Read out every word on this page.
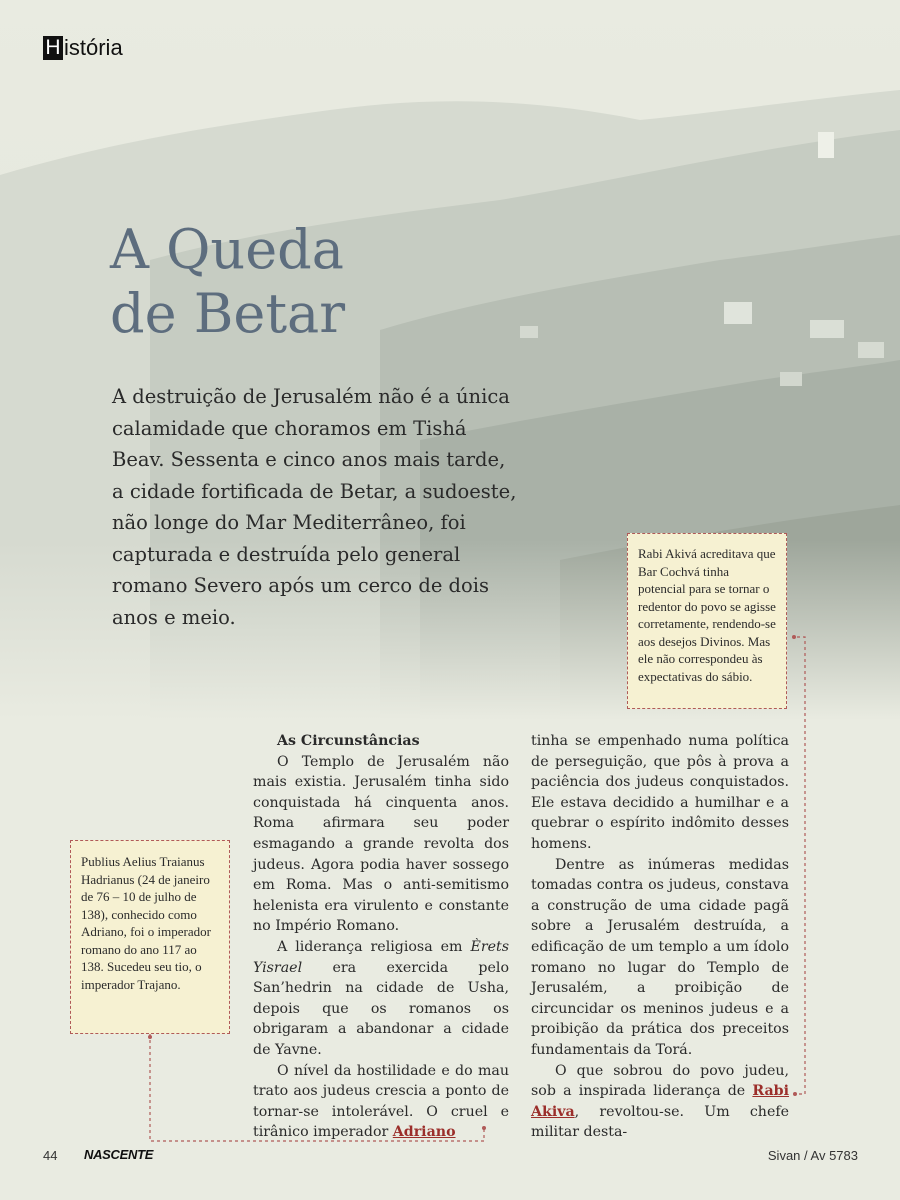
H istória
A Queda
de Betar

A destruição de Jerusalém não é a única calamidade que choramos em Tishá Beav. Sessenta e cinco anos mais tarde, a cidade fortificada de Betar, a sudoeste, não longe do Mar Mediterrâneo, foi capturada e destruída pelo general romano Severo após um cerco de dois anos e meio.

Rabi Akivá acreditava que Bar Cochvá tinha potencial para se tornar o redentor do povo se agisse corretamente, rendendo-se aos desejos Divinos. Mas ele não correspondeu às expectativas do sábio.
Publius Aelius Traianus Hadrianus (24 de janeiro de 76 – 10 de julho de 138), conhecido como Adriano, foi o imperador romano do ano 117 ao 138. Sucedeu seu tio, o imperador Trajano.

As Circunstâncias

O Templo de Jerusalém não mais existia. Jerusalém tinha sido conquistada há cinquenta anos. Roma afirmara seu poder esmagando a grande revolta dos judeus. Agora podia haver sossego em Roma. Mas o anti-semitismo helenista era virulento e constante no Império Romano.

A liderança religiosa em Èrets Yisrael era exercida pelo San’hedrin na cidade de Usha, depois que os romanos os obrigaram a abandonar a cidade de Yavne.

O nível da hostilidade e do mau trato aos judeus crescia a ponto de tornar-se intolerável. O cruel e tirânico imperador Adriano

tinha se empenhado numa política de perseguição, que pôs à prova a paciência dos judeus conquistados. Ele estava decidido a humilhar e a quebrar o espírito indômito desses homens.

Dentre as inúmeras medidas tomadas contra os judeus, constava a construção de uma cidade pagã sobre a Jerusalém destruída, a edificação de um templo a um ídolo romano no lugar do Templo de Jerusalém, a proibição de circuncidar os meninos judeus e a proibição da prática dos preceitos fundamentais da Torá.

O que sobrou do povo judeu, sob a inspirada liderança de Rabi Akiva, revoltou-se. Um chefe militar desta-

44 NASCENTE	Sivan / Av 5783
